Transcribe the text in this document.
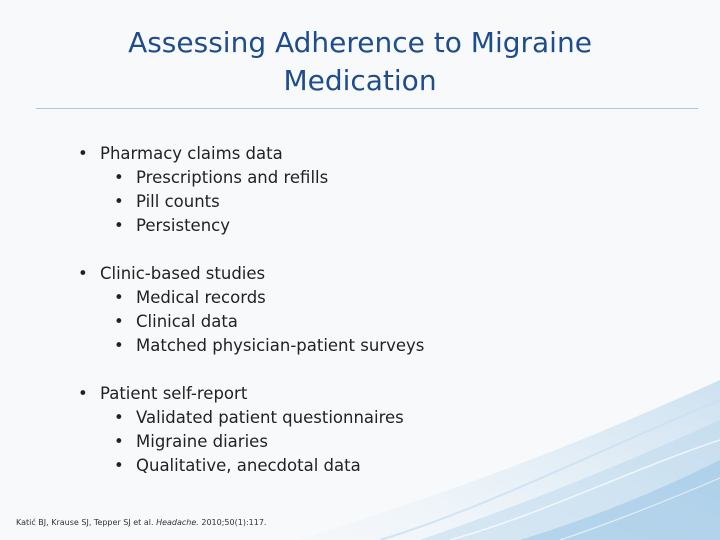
Assessing Adherence to Migraine Medication
• Pharmacy claims data
• Prescriptions and refills
• Pill counts
• Persistency
• Clinic-based studies
• Medical records
• Clinical data
• Matched physician-patient surveys
• Patient self-report
• Validated patient questionnaires
• Migraine diaries
• Qualitative, anecdotal data
Katić BJ, Krause SJ, Tepper SJ et al. Headache. 2010;50(1):117.
